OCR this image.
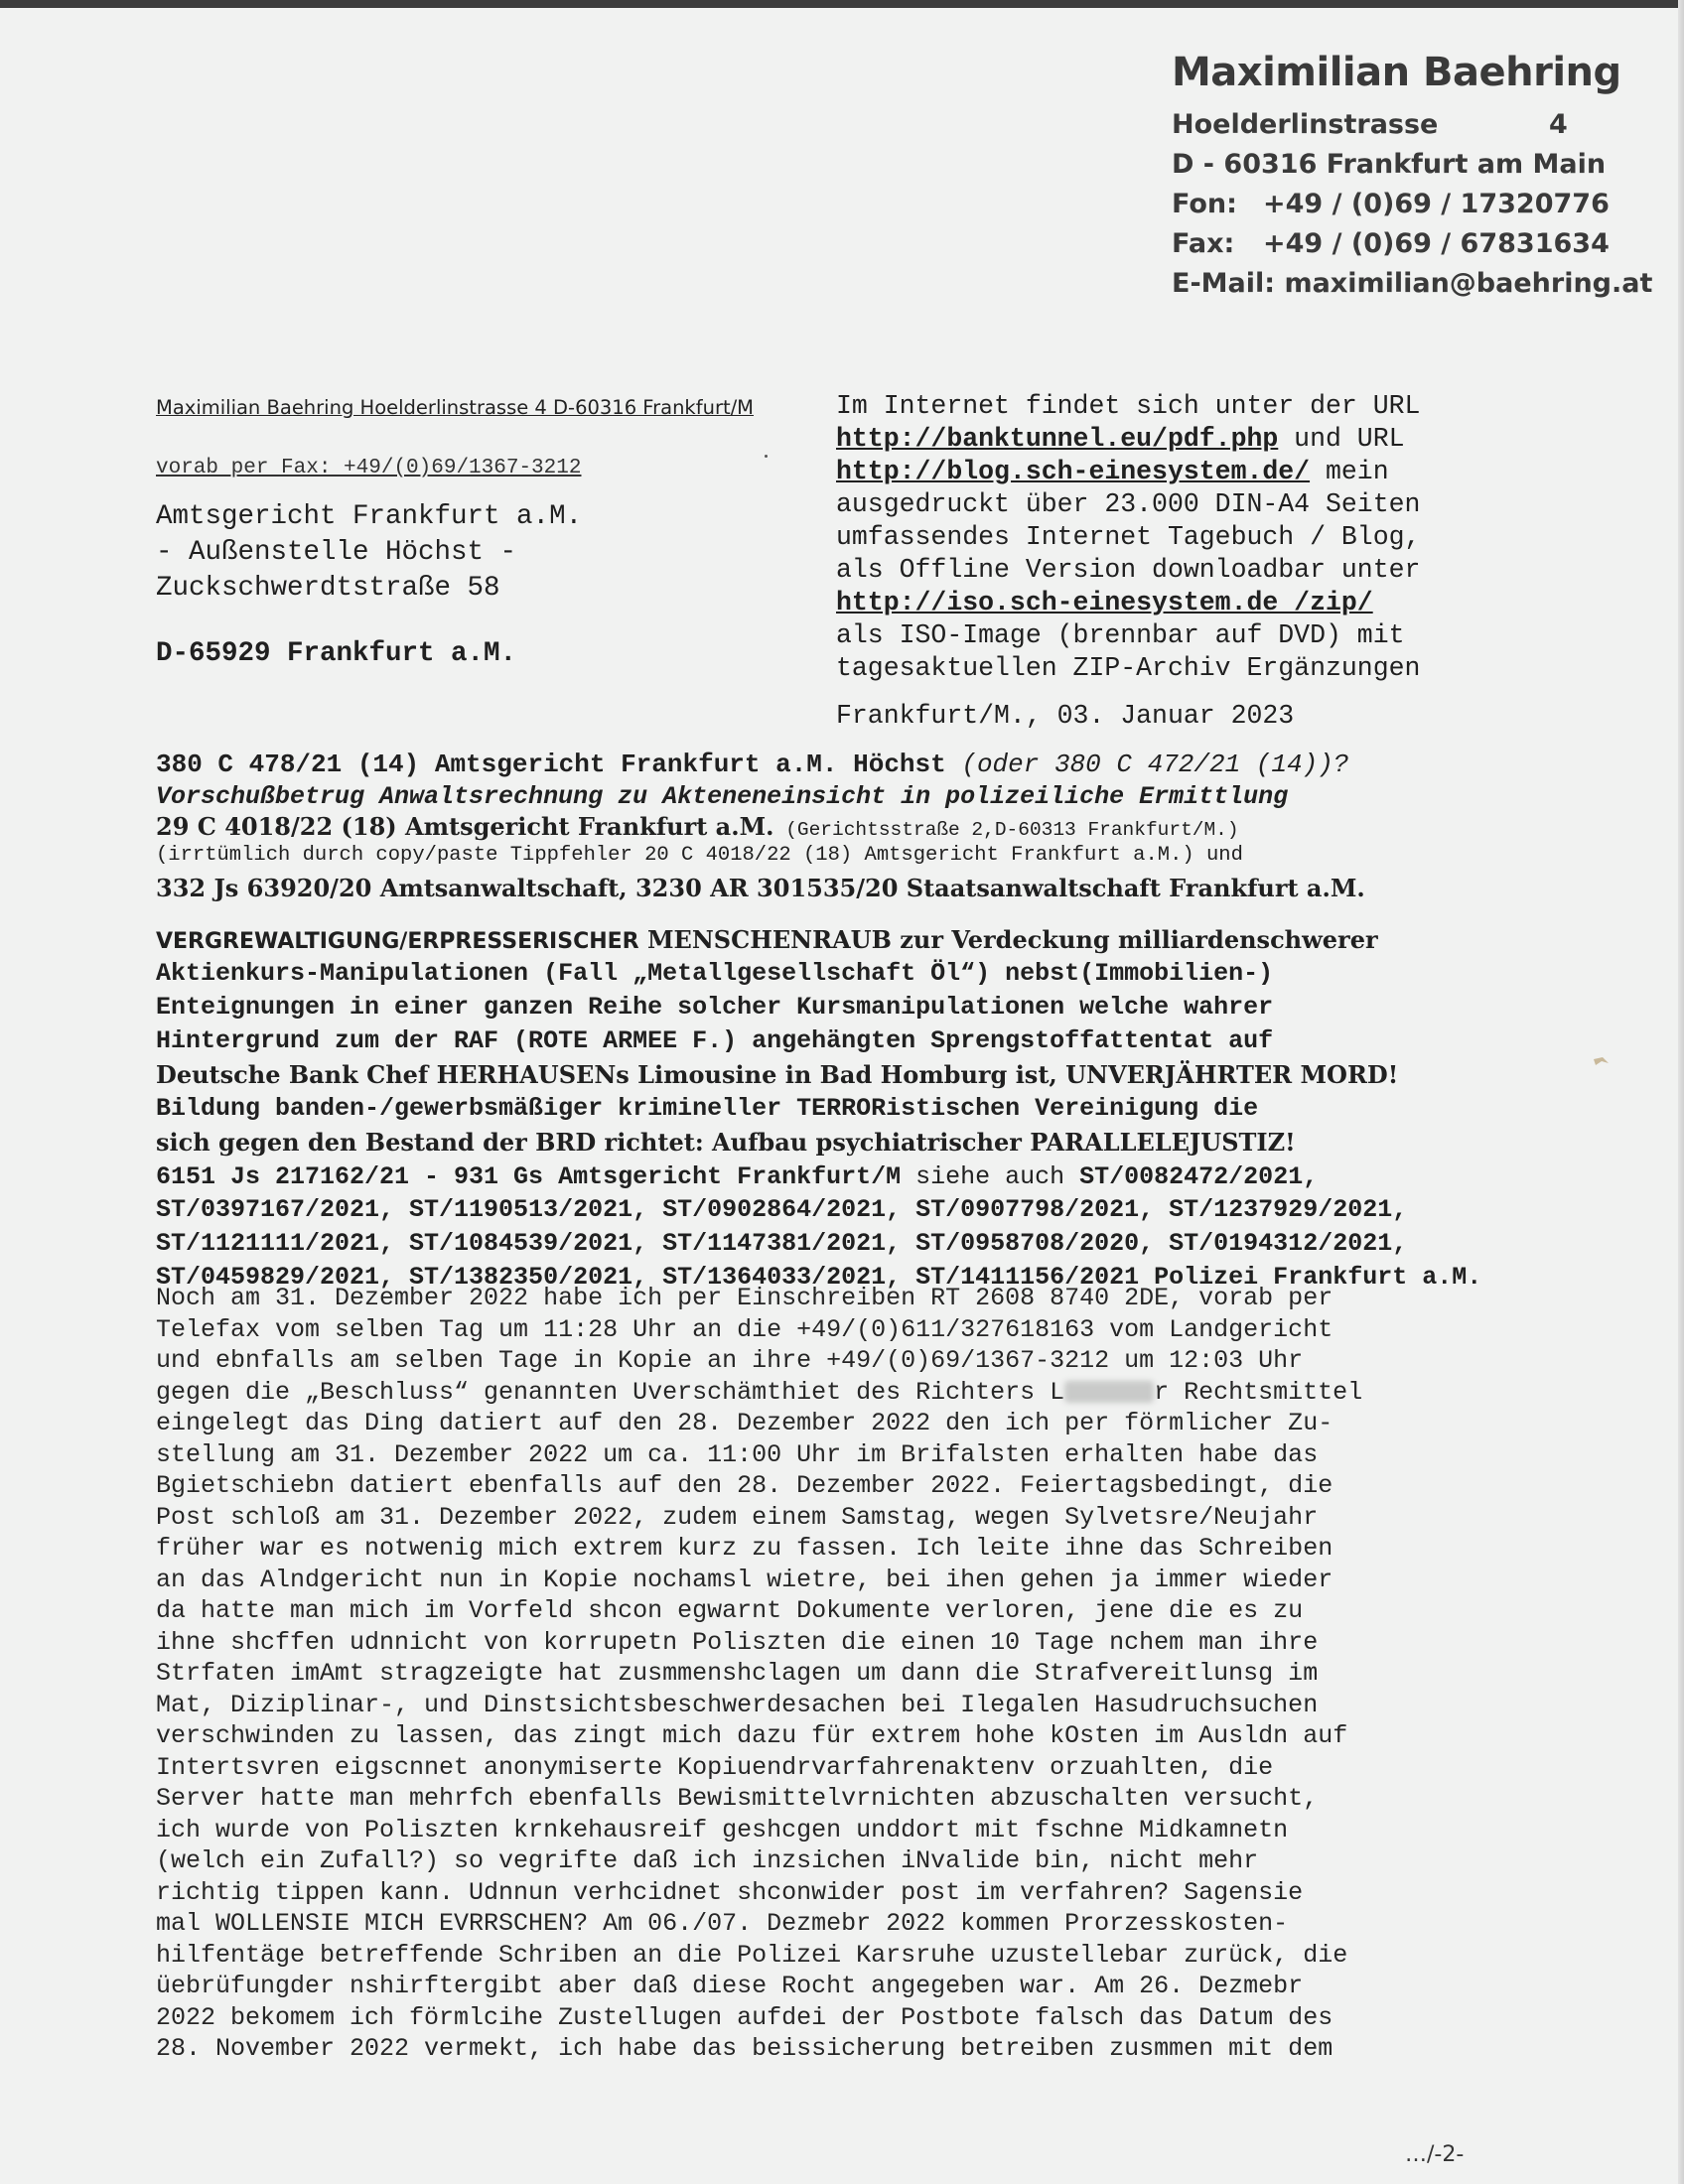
Maximilian Baehring
Hoelderlinstrasse	4
D - 60316 Frankfurt am Main
Fon: +49 / (0)69 / 17320776
Fax: +49 / (0)69 / 67831634
E-Mail: maximilian@baehring.at
Maximilian Baehring Hoelderlinstrasse 4 D-60316 Frankfurt/M
vorab per Fax: +49/(0)69/1367-3212
Amtsgericht Frankfurt a.M.
- Außenstelle Höchst -
Zuckschwerdtstraße 58
D-65929 Frankfurt a.M.
Im Internet findet sich unter der URL
http://banktunnel.eu/pdf.php und URL
http://blog.sch-einesystem.de/ mein
ausgedruckt über 23.000 DIN-A4 Seiten
umfassendes Internet Tagebuch / Blog,
als Offline Version downloadbar unter
http://iso.sch-einesystem.de /zip/
als ISO-Image (brennbar auf DVD) mit
tagesaktuellen ZIP-Archiv Ergänzungen
Frankfurt/M., 03. Januar 2023
380 C 478/21 (14) Amtsgericht Frankfurt a.M. Höchst (oder 380 C 472/21 (14))?
Vorschußbetrug Anwaltsrechnung zu Akteneneinsicht in polizeiliche Ermittlung
29 C 4018/22 (18) Amtsgericht Frankfurt a.M. (Gerichtsstraße 2,D-60313 Frankfurt/M.)
(irrtümlich durch copy/paste Tippfehler 20 C 4018/22 (18) Amtsgericht Frankfurt a.M.) und
332 Js 63920/20 Amtsanwaltschaft, 3230 AR 301535/20 Staatsanwaltschaft Frankfurt a.M.
VERGREWALTIGUNG/ERPRESSERISCHER MENSCHENRAUB zur Verdeckung milliardenschwerer
Aktienkurs-Manipulationen (Fall „Metallgesellschaft Öl“) nebst(Immobilien-)
Enteignungen in einer ganzen Reihe solcher Kursmanipulationen welche wahrer
Hintergrund zum der RAF (ROTE ARMEE F.) angehängten Sprengstoffattentat auf
Deutsche Bank Chef HERHAUSENs Limousine in Bad Homburg ist, UNVERJÄHRTER MORD!
Bildung banden-/gewerbsmäßiger krimineller TERRORistischen Vereinigung die
sich gegen den Bestand der BRD richtet: Aufbau psychiatrischer PARALLELEJUSTIZ!
6151 Js 217162/21 - 931 Gs Amtsgericht Frankfurt/M siehe auch ST/0082472/2021,
ST/0397167/2021, ST/1190513/2021, ST/0902864/2021, ST/0907798/2021, ST/1237929/2021,
ST/1121111/2021, ST/1084539/2021, ST/1147381/2021, ST/0958708/2020, ST/0194312/2021,
ST/0459829/2021, ST/1382350/2021, ST/1364033/2021, ST/1411156/2021 Polizei Frankfurt a.M.
Noch am 31. Dezember 2022 habe ich per Einschreiben RT 2608 8740 2DE, vorab per
Telefax vom selben Tag um 11:28 Uhr an die +49/(0)611/327618163 vom Landgericht
und ebnfalls am selben Tage in Kopie an ihre +49/(0)69/1367-3212 um 12:03 Uhr
gegen die „Beschluss“ genannten Uverschämthiet des Richters L	r Rechtsmittel
eingelegt das Ding datiert auf den 28. Dezember 2022 den ich per förmlicher Zu-
stellung am 31. Dezember 2022 um ca. 11:00 Uhr im Brifalsten erhalten habe das
Bgietschiebn datiert ebenfalls auf den 28. Dezember 2022. Feiertagsbedingt, die
Post schloß am 31. Dezember 2022, zudem einem Samstag, wegen Sylvetsre/Neujahr
früher war es notwenig mich extrem kurz zu fassen. Ich leite ihne das Schreiben
an das Alndgericht nun in Kopie nochamsl wietre, bei ihen gehen ja immer wieder
da hatte man mich im Vorfeld shcon egwarnt Dokumente verloren, jene die es zu
ihne shcffen udnnicht von korrupetn Poliszten die einen 10 Tage nchem man ihre
Strfaten imAmt stragzeigte hat zusmmenshclagen um dann die Strafvereitlunsg im
Mat, Diziplinar-, und Dinstsichtsbeschwerdesachen bei Ilegalen Hasudruchsuchen
verschwinden zu lassen, das zingt mich dazu für extrem hohe kOsten im Ausldn auf
Intertsvren eigscnnet anonymiserte Kopiuendrvarfahrenaktenv orzuahlten, die
Server hatte man mehrfch ebenfalls Bewismittelvrnichten abzuschalten versucht,
ich wurde von Poliszten krnkehausreif geshcgen unddort mit fschne Midkamnetn
(welch ein Zufall?) so vegrifte daß ich inzsichen iNvalide bin, nicht mehr
richtig tippen kann. Udnnun verhcidnet shconwider post im verfahren? Sagensie
mal WOLLENSIE MICH EVRRSCHEN? Am 06./07. Dezmebr 2022 kommen Prorzesskosten-
hilfentäge betreffende Schriben an die Polizei Karsruhe uzustellebar zurück, die
üebrüfungder nshirftergibt aber daß diese Rocht angegeben war. Am 26. Dezmebr
2022 bekomem ich förmlcihe Zustellugen aufdei der Postbote falsch das Datum des
28. November 2022 vermekt, ich habe das beissicherung betreiben zusmmen mit dem
…/-2-
